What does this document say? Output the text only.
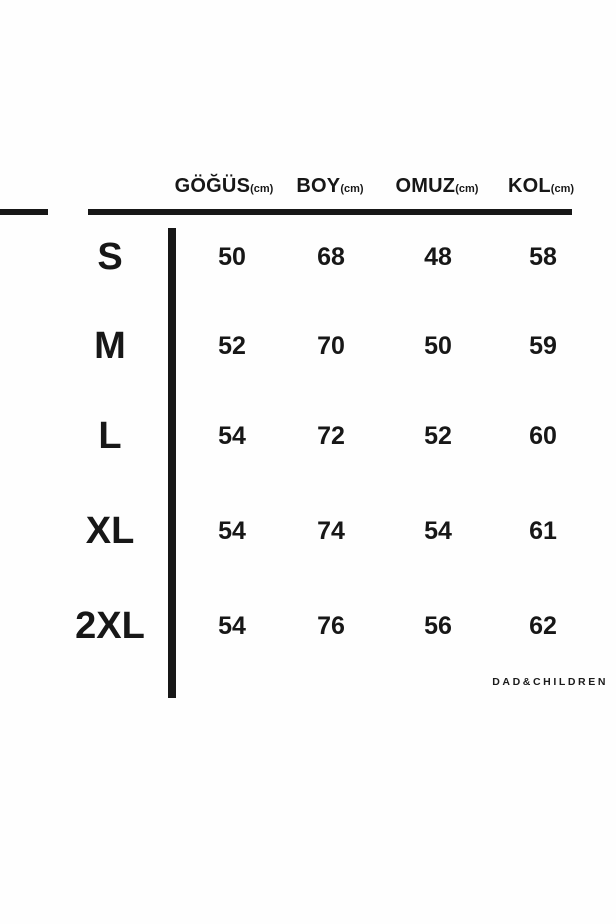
GÖĞÜS(cm) BOY(cm) OMUZ(cm) KOL(cm)
S	50	68	48	58
M	52	70	50	59
L	54	72	52	60
XL	54	74	54	61
2XL	54	76	56	62
DAD&CHILDREN
